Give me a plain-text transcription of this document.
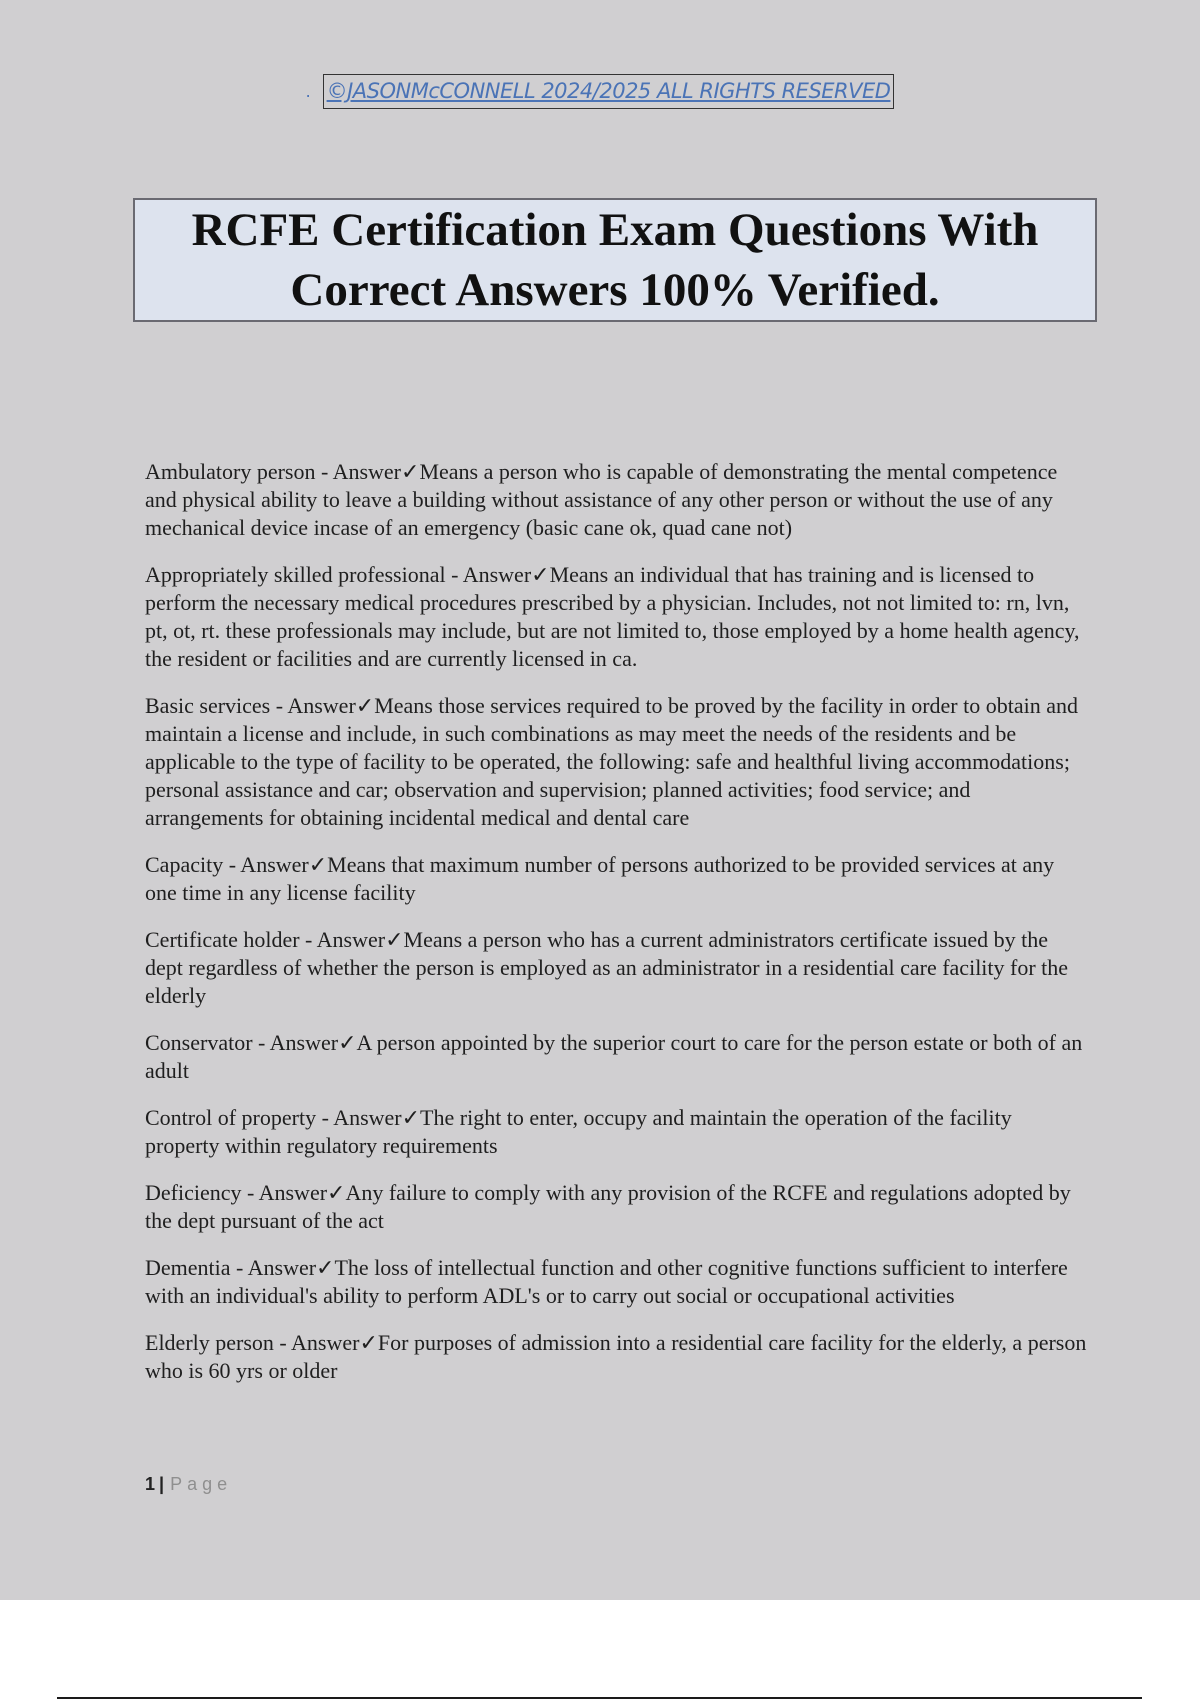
. ©JASONMcCONNELL 2024/2025 ALL RIGHTS RESERVED
RCFE Certification Exam Questions With
Correct Answers 100% Verified.

Ambulatory person - Answer✓Means a person who is capable of demonstrating the mental competence and physical ability to leave a building without assistance of any other person or without the use of any mechanical device incase of an emergency (basic cane ok, quad cane not)

Appropriately skilled professional - Answer✓Means an individual that has training and is licensed to perform the necessary medical procedures prescribed by a physician. Includes, not not limited to: rn, lvn, pt, ot, rt. these professionals may include, but are not limited to, those employed by a home health agency, the resident or facilities and are currently licensed in ca.

Basic services - Answer✓Means those services required to be proved by the facility in order to obtain and maintain a license and include, in such combinations as may meet the needs of the residents and be applicable to the type of facility to be operated, the following: safe and healthful living accommodations; personal assistance and car; observation and supervision; planned activities; food service; and arrangements for obtaining incidental medical and dental care

Capacity - Answer✓Means that maximum number of persons authorized to be provided services at any one time in any license facility

Certificate holder - Answer✓Means a person who has a current administrators certificate issued by the dept regardless of whether the person is employed as an administrator in a residential care facility for the elderly

Conservator - Answer✓A person appointed by the superior court to care for the person estate or both of an adult

Control of property - Answer✓The right to enter, occupy and maintain the operation of the facility property within regulatory requirements

Deficiency - Answer✓Any failure to comply with any provision of the RCFE and regulations adopted by the dept pursuant of the act

Dementia - Answer✓The loss of intellectual function and other cognitive functions sufficient to interfere with an individual's ability to perform ADL's or to carry out social or occupational activities

Elderly person - Answer✓For purposes of admission into a residential care facility for the elderly, a person who is 60 yrs or older

1 | Page
